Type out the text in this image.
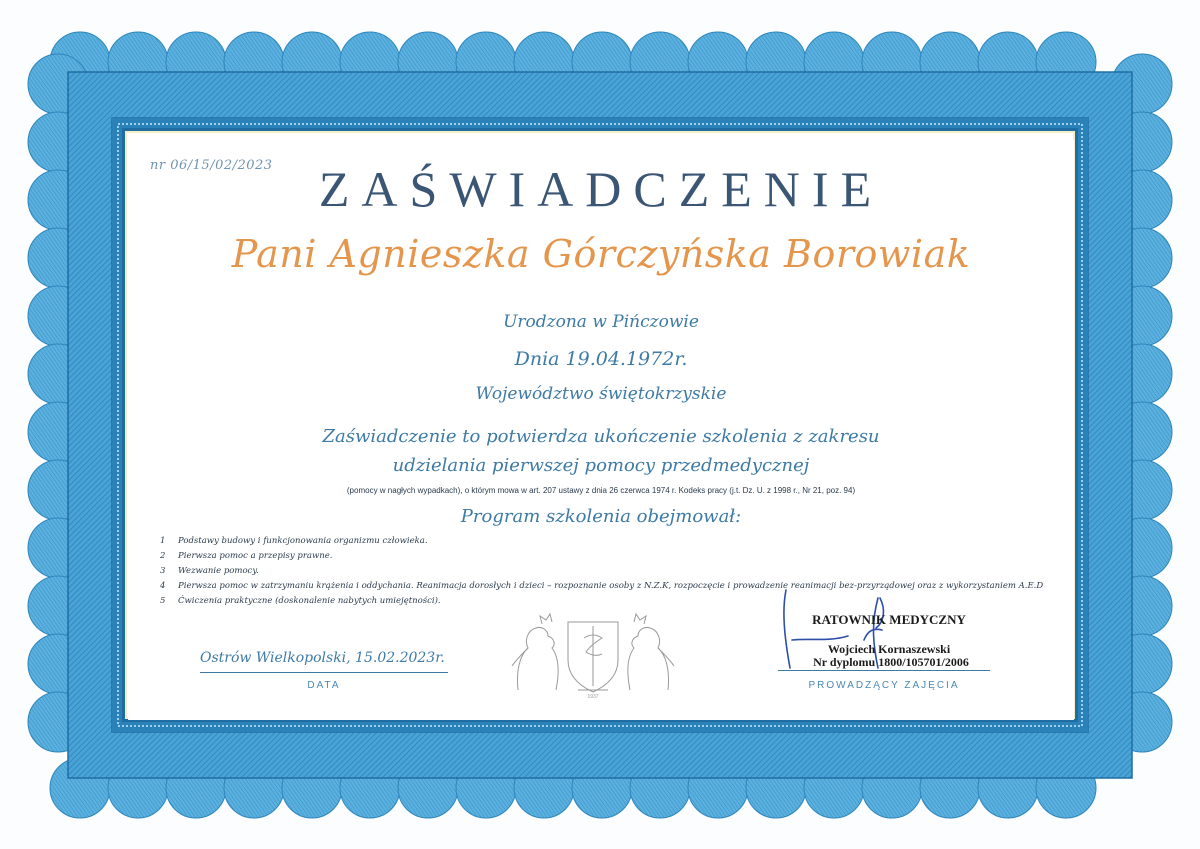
nr 06/15/02/2023 ZAŚWIADCZENIE
Pani Agnieszka Górczyńska Borowiak
Urodzona w Pińczowie
Dnia 19.04.1972r.
Województwo świętokrzyskie
Zaświadczenie to potwierdza ukończenie szkolenia z zakresu
udzielania pierwszej pomocy przedmedycznej
(pomocy w nagłych wypadkach), o którym mowa w art. 207 ustawy z dnia 26 czerwca 1974 r. Kodeks pracy (j.t. Dz. U. z 1998 r., Nr 21, poz. 94)
Program szkolenia obejmował:
1 Podstawy budowy i funkcjonowania organizmu człowieka.
2 Pierwsza pomoc a przepisy prawne.
3 Wezwanie pomocy.
4 Pierwsza pomoc w zatrzymaniu krążenia i oddychania. Reanimacja dorosłych i dzieci – rozpoznanie osoby z N.Z.K, rozpoczęcie i prowadzenie reanimacji bez-przyrządowej oraz z wykorzystaniem A.E.D
5 Ćwiczenia praktyczne (doskonalenie nabytych umiejętności).
Ostrów Wielkopolski, 15.02.2023r.
DATA
1937
RATOWNIK MEDYCZNY
Wojciech Kornaszewski
Nr dyplomu 1800/105701/2006
PROWADZĄCY ZAJĘCIA
